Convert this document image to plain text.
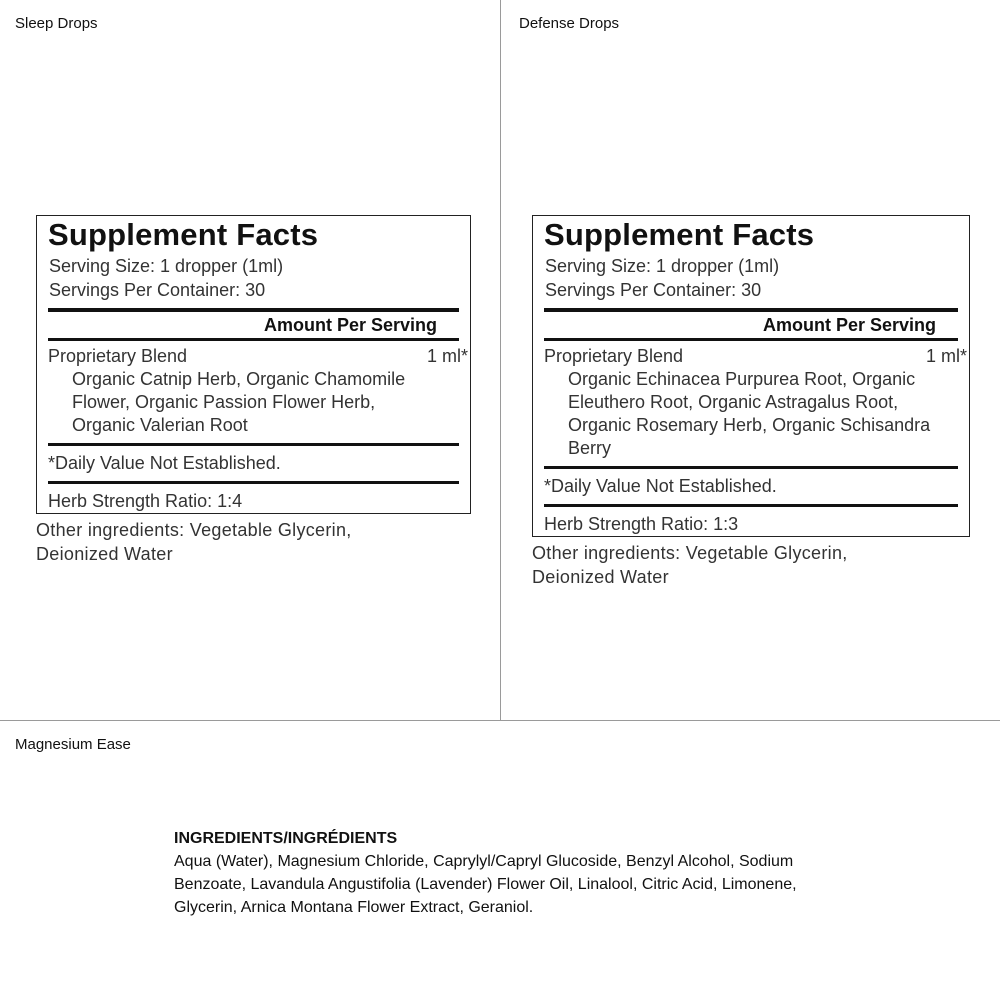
Sleep Drops
Supplement Facts
Serving Size: 1 dropper (1ml)
Servings Per Container: 30
Amount Per Serving
Proprietary Blend	1 ml*
Organic Catnip Herb, Organic Chamomile Flower, Organic Passion Flower Herb, Organic Valerian Root
*Daily Value Not Established.
Herb Strength Ratio: 1:4
Other ingredients: Vegetable Glycerin,
Deionized Water
Defense Drops
Supplement Facts
Serving Size: 1 dropper (1ml)
Servings Per Container: 30
Amount Per Serving
Proprietary Blend	1 ml*
Organic Echinacea Purpurea Root, Organic Eleuthero Root, Organic Astragalus Root, Organic Rosemary Herb, Organic Schisandra Berry
*Daily Value Not Established.
Herb Strength Ratio: 1:3
Other ingredients: Vegetable Glycerin,
Deionized Water
Magnesium Ease
INGREDIENTS/INGRÉDIENTS
Aqua (Water), Magnesium Chloride, Caprylyl/Capryl Glucoside, Benzyl Alcohol, Sodium Benzoate, Lavandula Angustifolia (Lavender) Flower Oil, Linalool, Citric Acid, Limonene, Glycerin, Arnica Montana Flower Extract, Geraniol.
